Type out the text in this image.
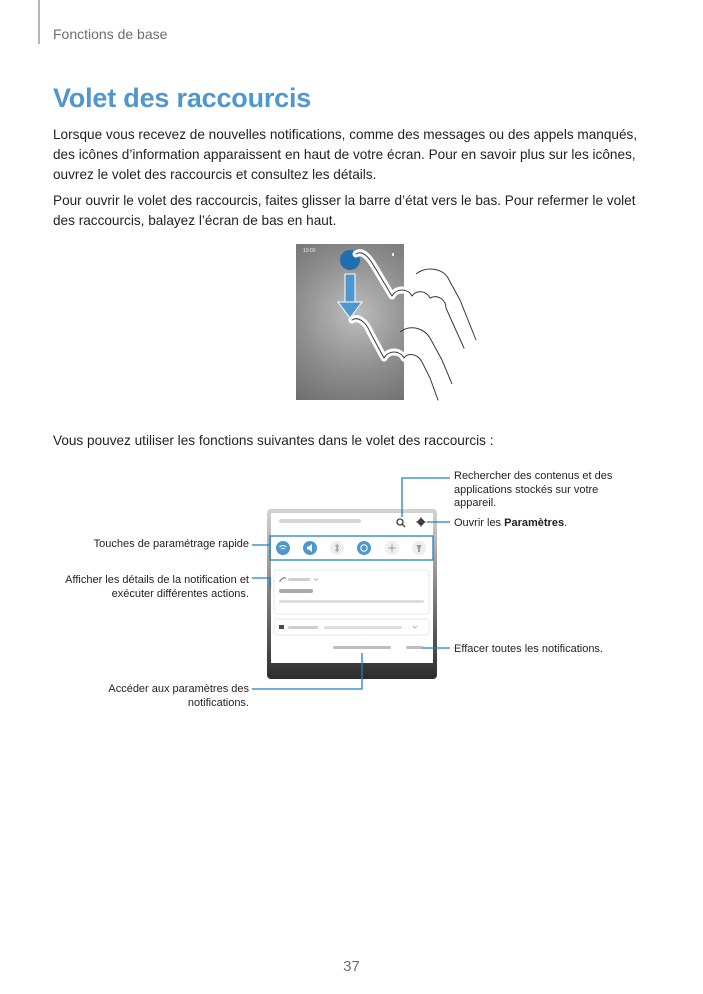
Fonctions de base
Volet des raccourcis

Lorsque vous recevez de nouvelles notifications, comme des messages ou des appels manqués, des icônes d’information apparaissent en haut de votre écran. Pour en savoir plus sur les icônes, ouvrez le volet des raccourcis et consultez les détails.

Pour ouvrir le volet des raccourcis, faites glisser la barre d’état vers le bas. Pour refermer le volet des raccourcis, balayez l’écran de bas en haut.

10:00

Vous pouvez utiliser les fonctions suivantes dans le volet des raccourcis :

Rechercher des contenus et des applications stockés sur votre appareil.
Ouvrir les Paramètres.
Touches de paramétrage rapide
Afficher les détails de la notification et exécuter différentes actions.
Effacer toutes les notifications.
Accéder aux paramètres des notifications.
37
